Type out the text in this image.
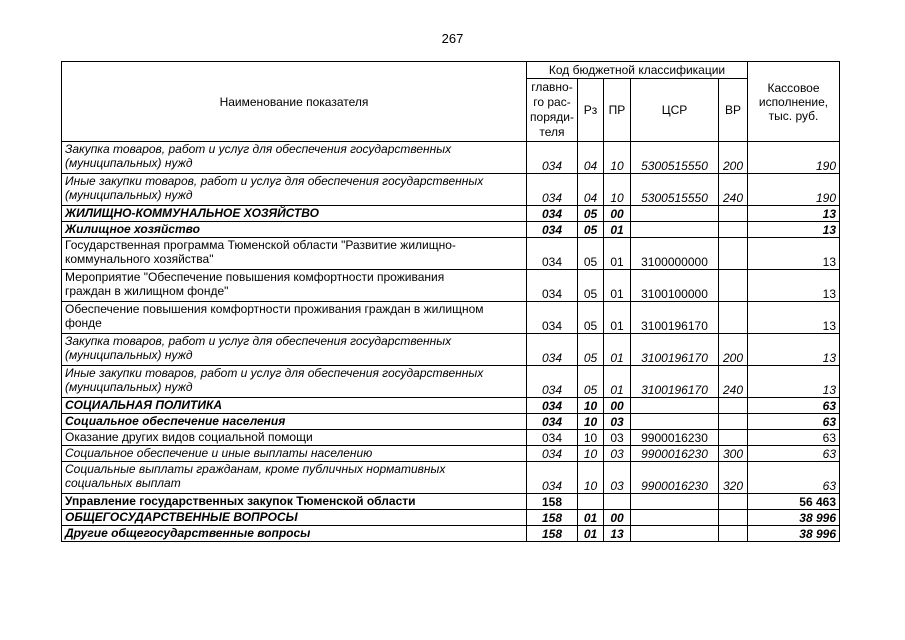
267
Наименование показателя	Код бюджетной классификации					Кассовое
исполнение,
тыс. руб.

	главно-
го рас-
поряди-
теля	Рз	ПР	ЦСР	ВР	

Закупка товаров, работ и услуг для обеспечения государственных
(муниципальных) нужд	034	04	10	5300515550	200	190

Иные закупки товаров, работ и услуг для обеспечения государственных
(муниципальных) нужд	034	04	10	5300515550	240	190

ЖИЛИЩНО-КОММУНАЛЬНОЕ ХОЗЯЙСТВО	034	05	00			13

Жилищное хозяйство	034	05	01			13

Государственная программа Тюменской области "Развитие жилищно-
коммунального хозяйства"	034	05	01	3100000000		13

Мероприятие "Обеспечение повышения комфортности проживания
граждан в жилищном фонде"	034	05	01	3100100000		13

Обеспечение повышения комфортности проживания граждан в жилищном
фонде	034	05	01	3100196170		13

Закупка товаров, работ и услуг для обеспечения государственных
(муниципальных) нужд	034	05	01	3100196170	200	13

Иные закупки товаров, работ и услуг для обеспечения государственных
(муниципальных) нужд	034	05	01	3100196170	240	13

СОЦИАЛЬНАЯ ПОЛИТИКА	034	10	00			63

Социальное обеспечение населения	034	10	03			63

Оказание других видов социальной помощи	034	10	03	9900016230		63

Социальное обеспечение и иные выплаты населению	034	10	03	9900016230	300	63

Социальные выплаты гражданам, кроме публичных нормативных
социальных выплат	034	10	03	9900016230	320	63

Управление государственных закупок Тюменской области	158					56 463

ОБЩЕГОСУДАРСТВЕННЫЕ ВОПРОСЫ	158	01	00			38 996

Другие общегосударственные вопросы	158	01	13			38 996
